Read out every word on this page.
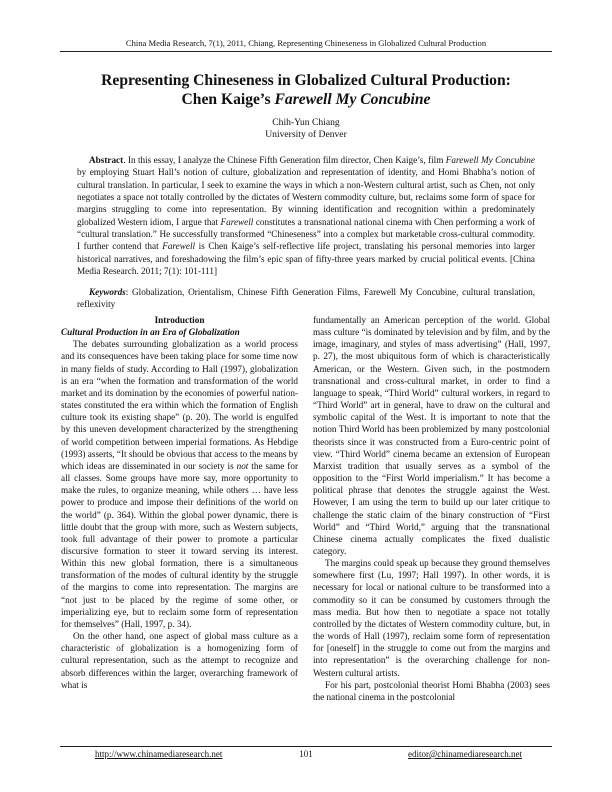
China Media Research, 7(1), 2011, Chiang, Representing Chineseness in Globalized Cultural Production
Representing Chineseness in Globalized Cultural Production:
Chen Kaige’s Farewell My Concubine
Chih-Yun Chiang
University of Denver
Abstract. In this essay, I analyze the Chinese Fifth Generation film director, Chen Kaige’s, film Farewell My Concubine by employing Stuart Hall’s notion of culture, globalization and representation of identity, and Homi Bhabha’s notion of cultural translation. In particular, I seek to examine the ways in which a non-Western cultural artist, such as Chen, not only negotiates a space not totally controlled by the dictates of Western commodity culture, but, reclaims some form of space for margins struggling to come into representation. By winning identification and recognition within a predominately globalized Western idiom, I argue that Farewell constitutes a transnational national cinema with Chen performing a work of “cultural translation.” He successfully transformed “Chineseness” into a complex but marketable cross-cultural commodity. I further contend that Farewell is Chen Kaige’s self-reflective life project, translating his personal memories into larger historical narratives, and foreshadowing the film’s epic span of fifty-three years marked by crucial political events. [China Media Research. 2011; 7(1): 101-111]
Keywords: Globalization, Orientalism, Chinese Fifth Generation Films, Farewell My Concubine, cultural translation, reflexivity

Introduction

Cultural Production in an Era of Globalization

The debates surrounding globalization as a world process and its consequences have been taking place for some time now in many fields of study. According to Hall (1997), globalization is an era “when the formation and transformation of the world market and its domination by the economies of powerful nation-states constituted the era within which the formation of English culture took its existing shape” (p. 20). The world is engulfed by this uneven development characterized by the strengthening of world competition between imperial formations. As Hebdige (1993) asserts, “It should be obvious that access to the means by which ideas are disseminated in our society is not the same for all classes. Some groups have more say, more opportunity to make the rules, to organize meaning, while others … have less power to produce and impose their definitions of the world on the world” (p. 364). Within the global power dynamic, there is little doubt that the group with more, such as Western subjects, took full advantage of their power to promote a particular discursive formation to steer it toward serving its interest. Within this new global formation, there is a simultaneous transformation of the modes of cultural identity by the struggle of the margins to come into representation. The margins are “not just to be placed by the regime of some other, or imperializing eye, but to reclaim some form of representation for themselves” (Hall, 1997, p. 34).

On the other hand, one aspect of global mass culture as a characteristic of globalization is a homogenizing form of cultural representation, such as the attempt to recognize and absorb differences within the larger, overarching framework of what is

fundamentally an American perception of the world. Global mass culture “is dominated by television and by film, and by the image, imaginary, and styles of mass advertising” (Hall, 1997, p. 27), the most ubiquitous form of which is characteristically American, or the Western. Given such, in the postmodern transnational and cross-cultural market, in order to find a language to speak, “Third World” cultural workers, in regard to “Third World” art in general, have to draw on the cultural and symbolic capital of the West. It is important to note that the notion Third World has been problemized by many postcolonial theorists since it was constructed from a Euro-centric point of view. “Third World” cinema became an extension of European Marxist tradition that usually serves as a symbol of the opposition to the “First World imperialism.” It has become a political phrase that denotes the struggle against the West. However, I am using the term to build up our later critique to challenge the static claim of the binary construction of “First World” and “Third World,” arguing that the transnational Chinese cinema actually complicates the fixed dualistic category.

The margins could speak up because they ground themselves somewhere first (Lu, 1997; Hall 1997). In other words, it is necessary for local or national culture to be transformed into a commodity so it can be consumed by customers through the mass media. But how then to negotiate a space not totally controlled by the dictates of Western commodity culture, but, in the words of Hall (1997), reclaim some form of representation for [oneself] in the struggle to come out from the margins and into representation” is the overarching challenge for non-Western cultural artists.

For his part, postcolonial theorist Homi Bhabha (2003) sees the national cinema in the postcolonial

http://www.chinamediaresearch.net	101	editor@chinamediaresearch.net
